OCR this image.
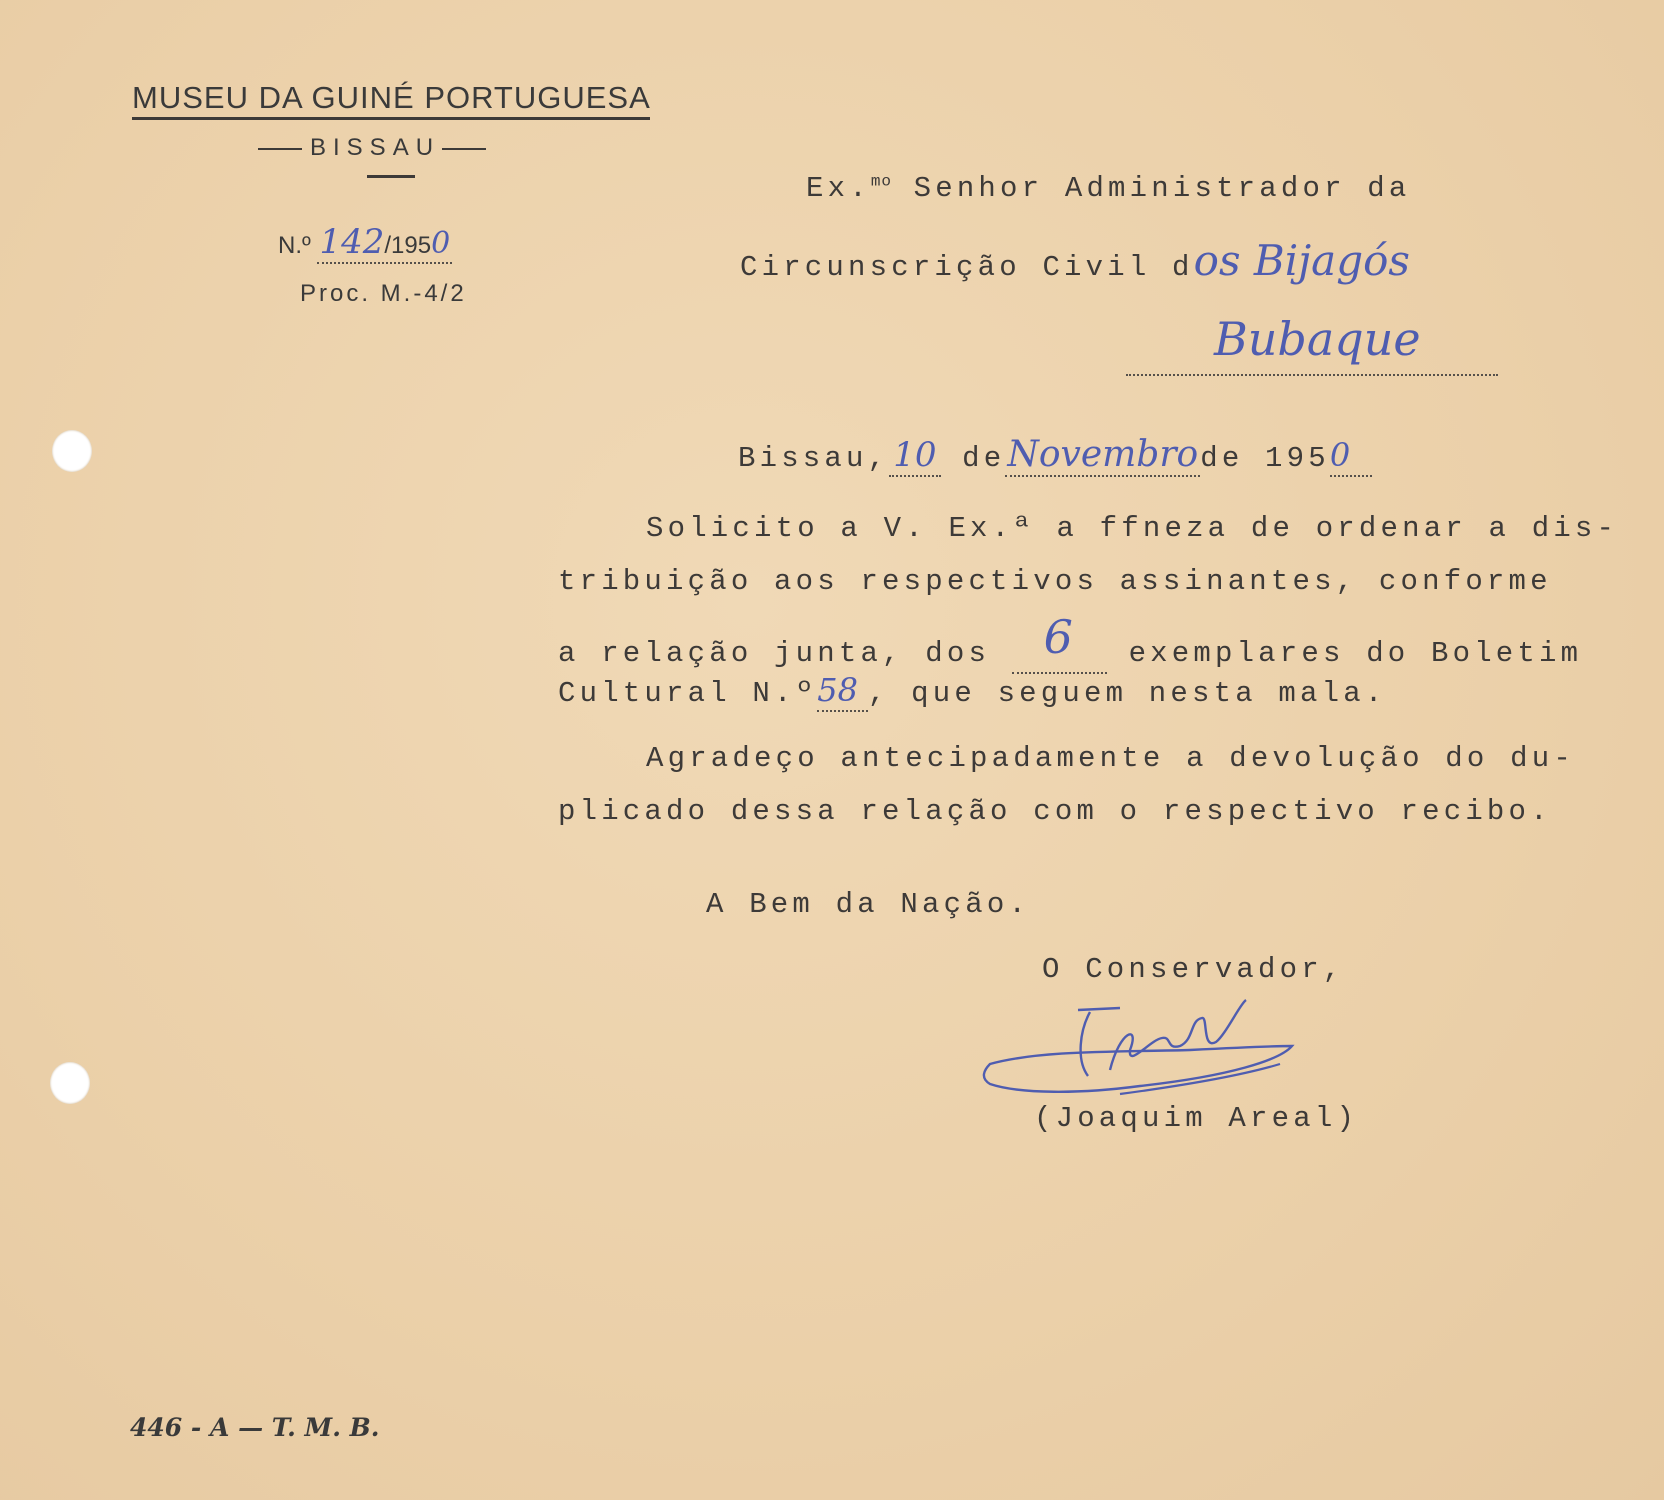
MUSEU DA GUINÉ PORTUGUESA
BISSAU
N.º 142/1950
Proc. M.-4/2
Ex.$^{mo}$ Senhor Administrador da
Circunscrição Civil dos Bijagós
Bubaque
Bissau, 10 deNovembrode 1950
Solicito a V. Ex.ª a ffneza de ordenar a dis-
tribuição aos respectivos assinantes, conforme
a relação junta, dos 6 exemplares do Boletim
Cultural N.º58 , que seguem nesta mala.
Agradeço antecipadamente a devolução do du-
plicado dessa relação com o respectivo recibo.
A Bem da Nação.
O Conservador,
JAreal
(Joaquim Areal)
446 - A — T. M. B.
